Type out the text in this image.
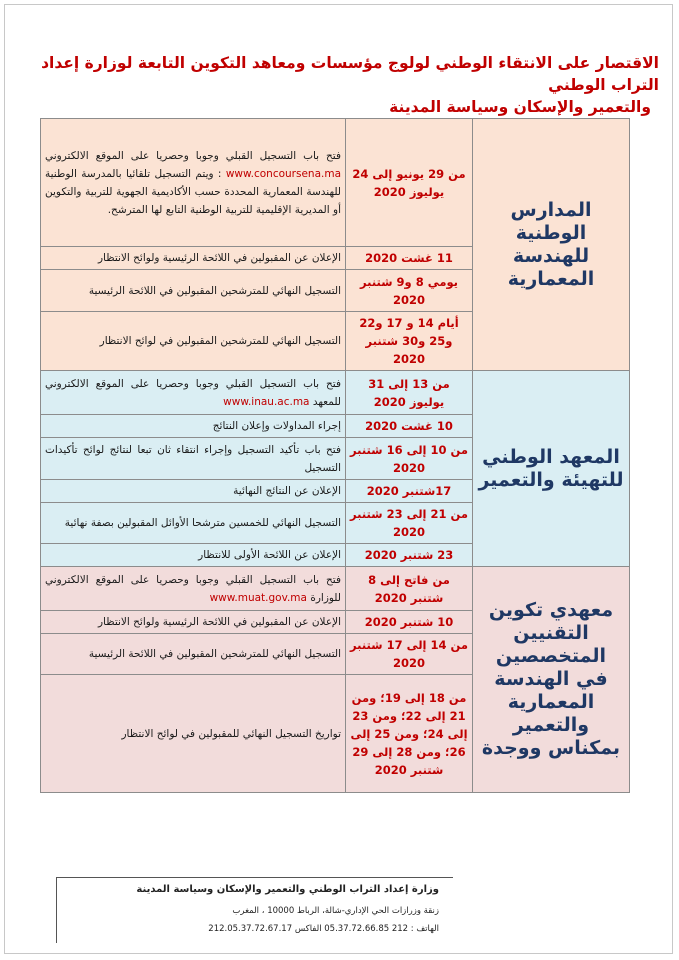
الاقتصار على الانتقاء الوطني لولوج مؤسسات ومعاهد التكوين التابعة لوزارة إعداد التراب الوطني
والتعمير والإسكان وسياسة المدينة
المدارس الوطنية للهندسة المعمارية	من 29 يونيو إلى 24 يوليوز 2020	فتح باب التسجيل القبلي وجوبا وحصريا على الموقع الالكتروني www.concoursena.ma : ويتم التسجيل تلقائيا بالمدرسة الوطنية للهندسة المعمارية المحددة حسب الأكاديمية الجهوية للتربية والتكوين أو المديرية الإقليمية للتربية الوطنية التابع لها المترشح.
	11 غشت 2020	الإعلان عن المقبولين في اللائحة الرئيسية ولوائح الانتظار
	يومي 8 و9 شتنبر 2020	التسجيل النهائي للمترشحين المقبولين في اللائحة الرئيسية
	أيام 14 و 17 و22 و25 و30 شتنبر 2020	التسجيل النهائي للمترشحين المقبولين في لوائح الانتظار
المعهد الوطني للتهيئة والتعمير	من 13 إلى 31 يوليوز 2020	فتح باب التسجيل القبلي وجوبا وحصريا على الموقع الالكتروني للمعهد www.inau.ac.ma
	10 غشت 2020	إجراء المداولات وإعلان النتائج
	من 10 إلى 16 شتنبر 2020	فتح باب تأكيد التسجيل وإجراء انتقاء ثان تبعا لنتائج لوائح تأكيدات التسجيل
	17شتنبر 2020	الإعلان عن النتائج النهائية
	من 21 إلى 23 شتنبر 2020	التسجيل النهائي للخمسين مترشحا الأوائل المقبولين بصفة نهائية
	23 شتنبر 2020	الإعلان عن اللائحة الأولى للانتظار
معهدي تكوين التقنيين المتخصصين في الهندسة المعمارية والتعمير بمكناس ووجدة	من فاتح إلى 8 شتنبر 2020	فتح باب التسجيل القبلي وجوبا وحصريا على الموقع الالكتروني للوزارة www.muat.gov.ma
	10 شتنبر 2020	الإعلان عن المقبولين في اللائحة الرئيسية ولوائح الانتظار
	من 14 إلى 17 شتنبر 2020	التسجيل النهائي للمترشحين المقبولين في اللائحة الرئيسية
	من 18 إلى 19؛ ومن 21 إلى 22؛ ومن 23 إلى 24؛ ومن 25 إلى 26؛ ومن 28 إلى 29 شتنبر 2020	تواريخ التسجيل النهائي للمقبولين في لوائح الانتظار
وزارة إعداد التراب الوطني والتعمير والإسكان وسياسة المدينة
زنقة وزرازات الحي الإداري-شالة، الرباط 10000 ، المغرب
الهاتف : 212 05.37.72.66.85 الفاكس 212.05.37.72.67.17
